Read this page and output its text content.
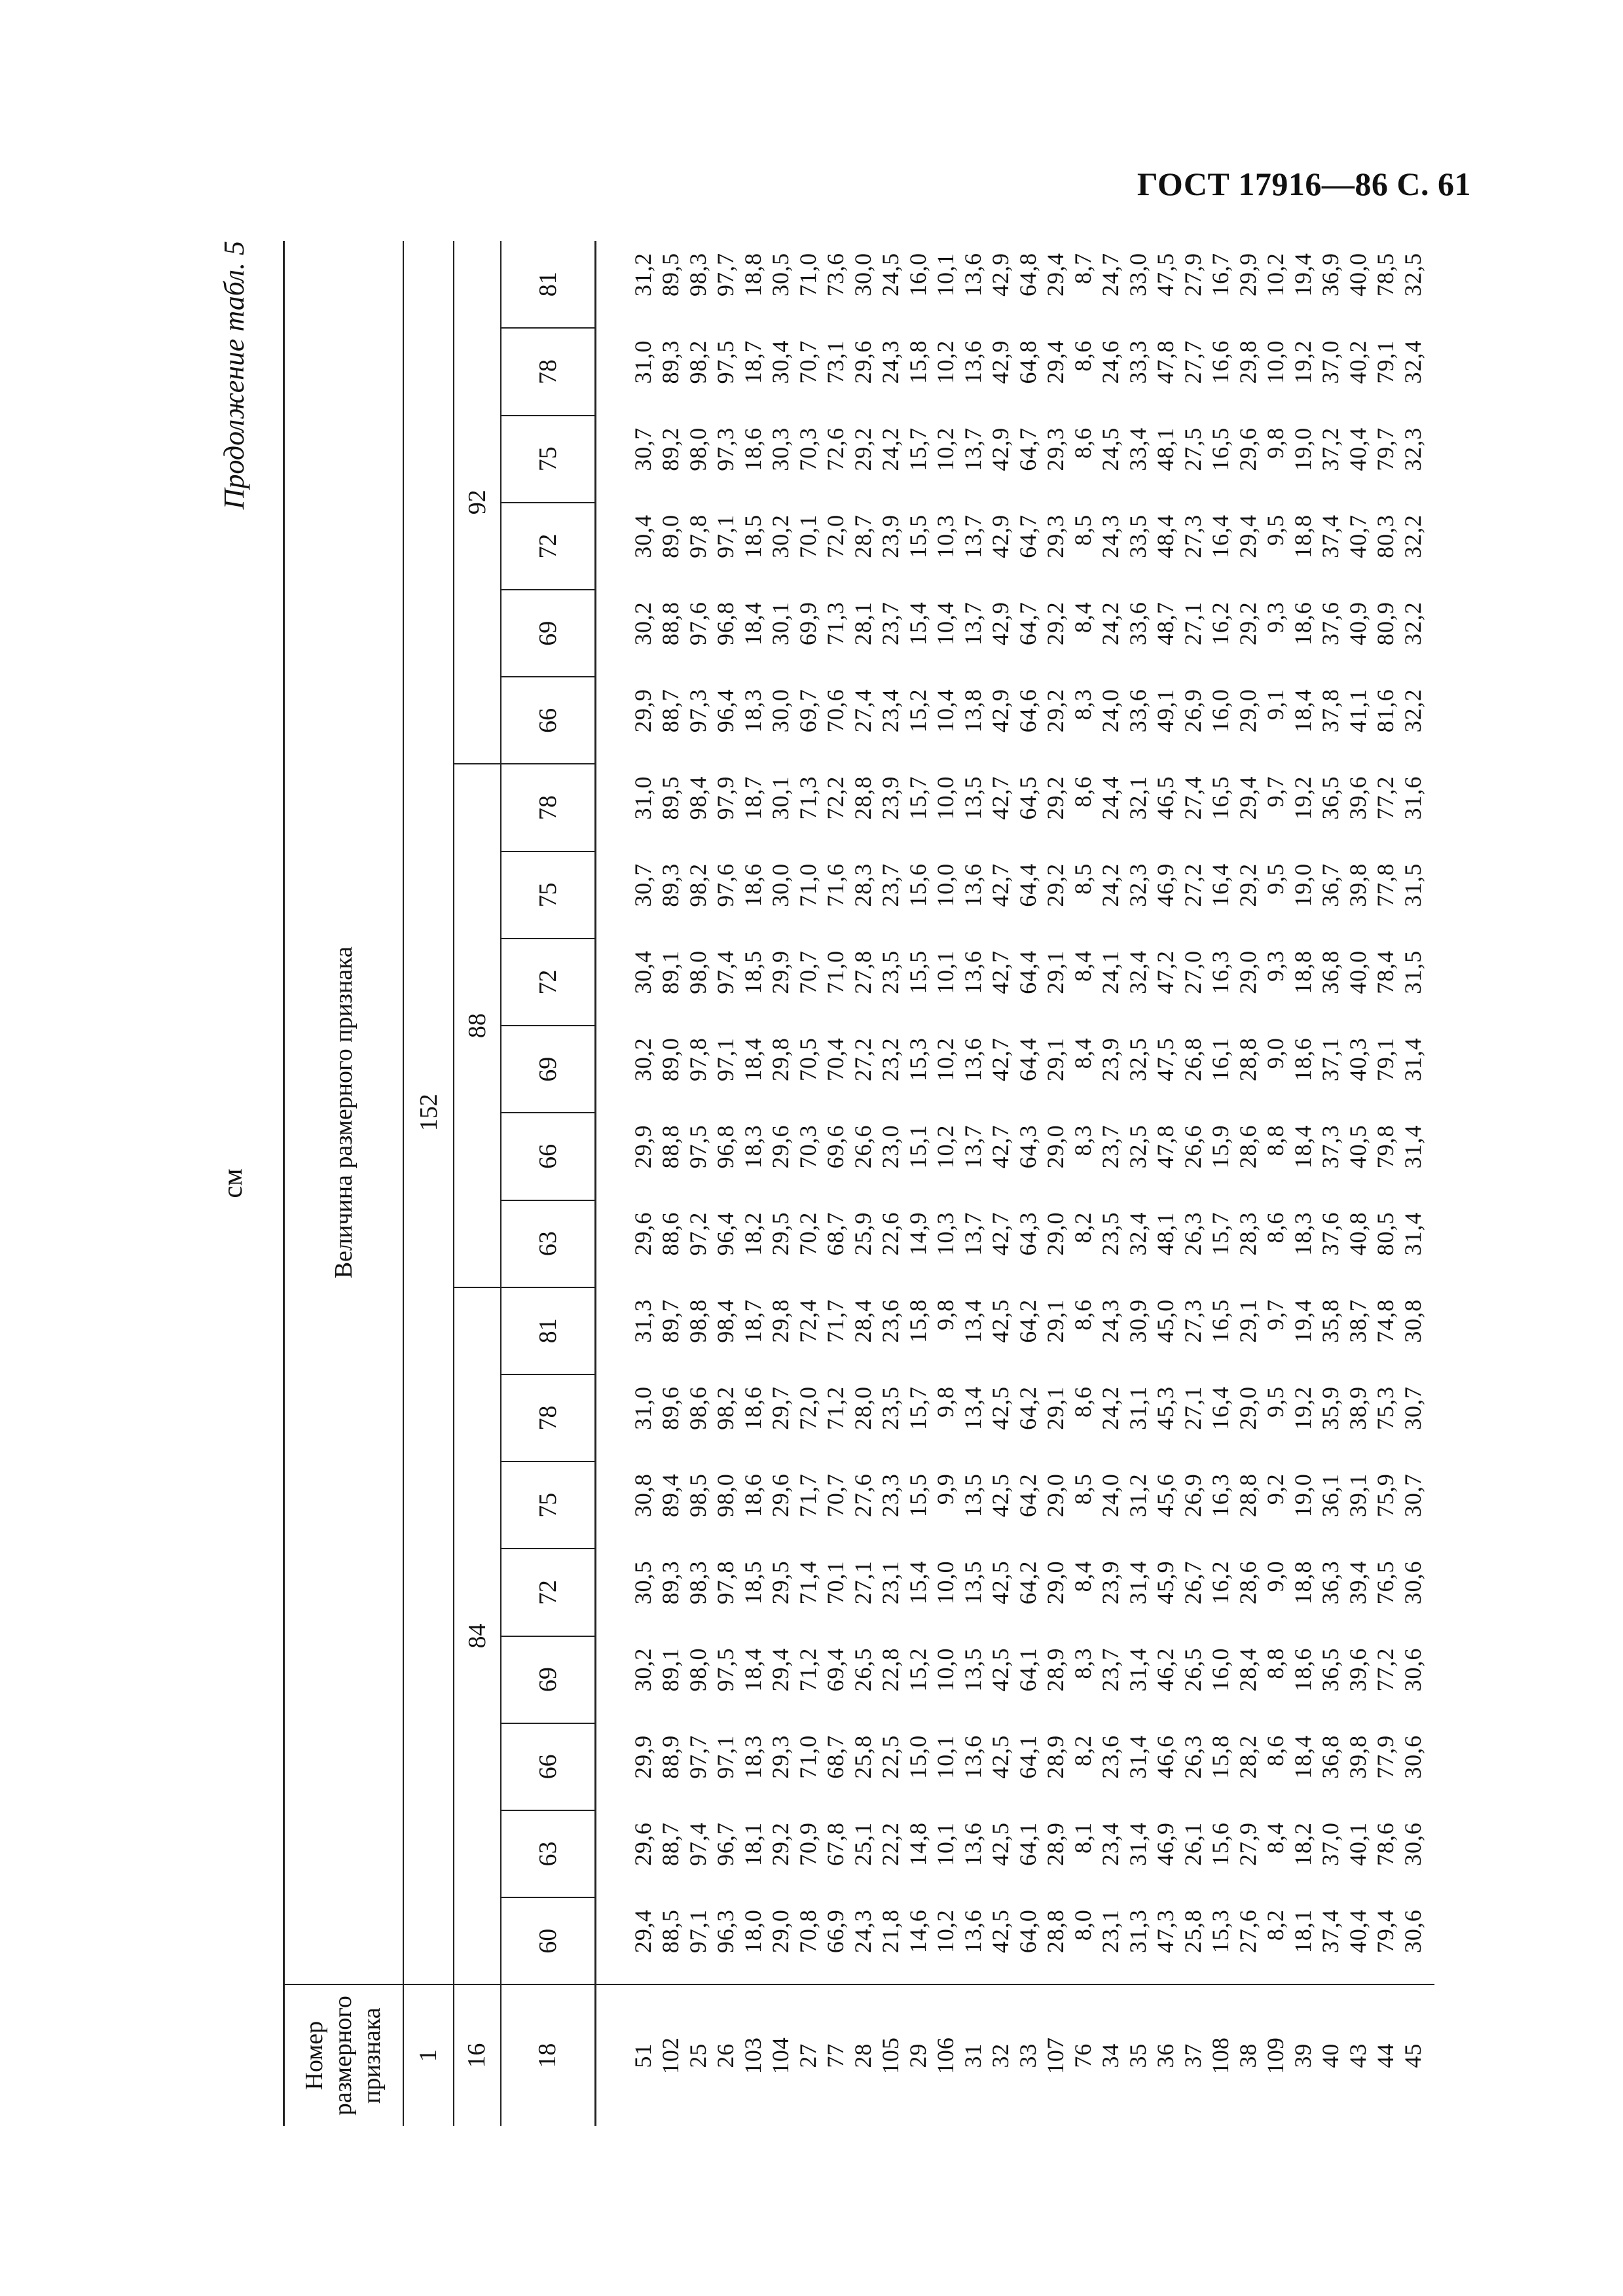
ГОСТ 17916—86 С. 61
Продолжение табл. 5
см
Номер размерного признака	Величина размерного признака																			
1	152																			
16	84								88						92					
18	60	63	66	69	72	75	78	81	63	66	69	72	75	78	66	69	72	75	78	81
51	29,4	29,6	29,9	30,2	30,5	30,8	31,0	31,3	29,6	29,9	30,2	30,4	30,7	31,0	29,9	30,2	30,4	30,7	31,0	31,2
102	88,5	88,7	88,9	89,1	89,3	89,4	89,6	89,7	88,6	88,8	89,0	89,1	89,3	89,5	88,7	88,8	89,0	89,2	89,3	89,5
25	97,1	97,4	97,7	98,0	98,3	98,5	98,6	98,8	97,2	97,5	97,8	98,0	98,2	98,4	97,3	97,6	97,8	98,0	98,2	98,3
26	96,3	96,7	97,1	97,5	97,8	98,0	98,2	98,4	96,4	96,8	97,1	97,4	97,6	97,9	96,4	96,8	97,1	97,3	97,5	97,7
103	18,0	18,1	18,3	18,4	18,5	18,6	18,6	18,7	18,2	18,3	18,4	18,5	18,6	18,7	18,3	18,4	18,5	18,6	18,7	18,8
104	29,0	29,2	29,3	29,4	29,5	29,6	29,7	29,8	29,5	29,6	29,8	29,9	30,0	30,1	30,0	30,1	30,2	30,3	30,4	30,5
27	70,8	70,9	71,0	71,2	71,4	71,7	72,0	72,4	70,2	70,3	70,5	70,7	71,0	71,3	69,7	69,9	70,1	70,3	70,7	71,0
77	66,9	67,8	68,7	69,4	70,1	70,7	71,2	71,7	68,7	69,6	70,4	71,0	71,6	72,2	70,6	71,3	72,0	72,6	73,1	73,6
28	24,3	25,1	25,8	26,5	27,1	27,6	28,0	28,4	25,9	26,6	27,2	27,8	28,3	28,8	27,4	28,1	28,7	29,2	29,6	30,0
105	21,8	22,2	22,5	22,8	23,1	23,3	23,5	23,6	22,6	23,0	23,2	23,5	23,7	23,9	23,4	23,7	23,9	24,2	24,3	24,5
29	14,6	14,8	15,0	15,2	15,4	15,5	15,7	15,8	14,9	15,1	15,3	15,5	15,6	15,7	15,2	15,4	15,5	15,7	15,8	16,0
106	10,2	10,1	10,1	10,0	10,0	9,9	9,8	9,8	10,3	10,2	10,2	10,1	10,0	10,0	10,4	10,4	10,3	10,2	10,2	10,1
31	13,6	13,6	13,6	13,5	13,5	13,5	13,4	13,4	13,7	13,7	13,6	13,6	13,6	13,5	13,8	13,7	13,7	13,7	13,6	13,6
32	42,5	42,5	42,5	42,5	42,5	42,5	42,5	42,5	42,7	42,7	42,7	42,7	42,7	42,7	42,9	42,9	42,9	42,9	42,9	42,9
33	64,0	64,1	64,1	64,1	64,2	64,2	64,2	64,2	64,3	64,3	64,4	64,4	64,4	64,5	64,6	64,7	64,7	64,7	64,8	64,8
107	28,8	28,9	28,9	28,9	29,0	29,0	29,1	29,1	29,0	29,0	29,1	29,1	29,2	29,2	29,2	29,2	29,3	29,3	29,4	29,4
76	8,0	8,1	8,2	8,3	8,4	8,5	8,6	8,6	8,2	8,3	8,4	8,4	8,5	8,6	8,3	8,4	8,5	8,6	8,6	8,7
34	23,1	23,4	23,6	23,7	23,9	24,0	24,2	24,3	23,5	23,7	23,9	24,1	24,2	24,4	24,0	24,2	24,3	24,5	24,6	24,7
35	31,3	31,4	31,4	31,4	31,4	31,2	31,1	30,9	32,4	32,5	32,5	32,4	32,3	32,1	33,6	33,6	33,5	33,4	33,3	33,0
36	47,3	46,9	46,6	46,2	45,9	45,6	45,3	45,0	48,1	47,8	47,5	47,2	46,9	46,5	49,1	48,7	48,4	48,1	47,8	47,5
37	25,8	26,1	26,3	26,5	26,7	26,9	27,1	27,3	26,3	26,6	26,8	27,0	27,2	27,4	26,9	27,1	27,3	27,5	27,7	27,9
108	15,3	15,6	15,8	16,0	16,2	16,3	16,4	16,5	15,7	15,9	16,1	16,3	16,4	16,5	16,0	16,2	16,4	16,5	16,6	16,7
38	27,6	27,9	28,2	28,4	28,6	28,8	29,0	29,1	28,3	28,6	28,8	29,0	29,2	29,4	29,0	29,2	29,4	29,6	29,8	29,9
109	8,2	8,4	8,6	8,8	9,0	9,2	9,5	9,7	8,6	8,8	9,0	9,3	9,5	9,7	9,1	9,3	9,5	9,8	10,0	10,2
39	18,1	18,2	18,4	18,6	18,8	19,0	19,2	19,4	18,3	18,4	18,6	18,8	19,0	19,2	18,4	18,6	18,8	19,0	19,2	19,4
40	37,4	37,0	36,8	36,5	36,3	36,1	35,9	35,8	37,6	37,3	37,1	36,8	36,7	36,5	37,8	37,6	37,4	37,2	37,0	36,9
43	40,4	40,1	39,8	39,6	39,4	39,1	38,9	38,7	40,8	40,5	40,3	40,0	39,8	39,6	41,1	40,9	40,7	40,4	40,2	40,0
44	79,4	78,6	77,9	77,2	76,5	75,9	75,3	74,8	80,5	79,8	79,1	78,4	77,8	77,2	81,6	80,9	80,3	79,7	79,1	78,5
45	30,6	30,6	30,6	30,6	30,6	30,7	30,7	30,8	31,4	31,4	31,4	31,5	31,5	31,6	32,2	32,2	32,2	32,3	32,4	32,5
